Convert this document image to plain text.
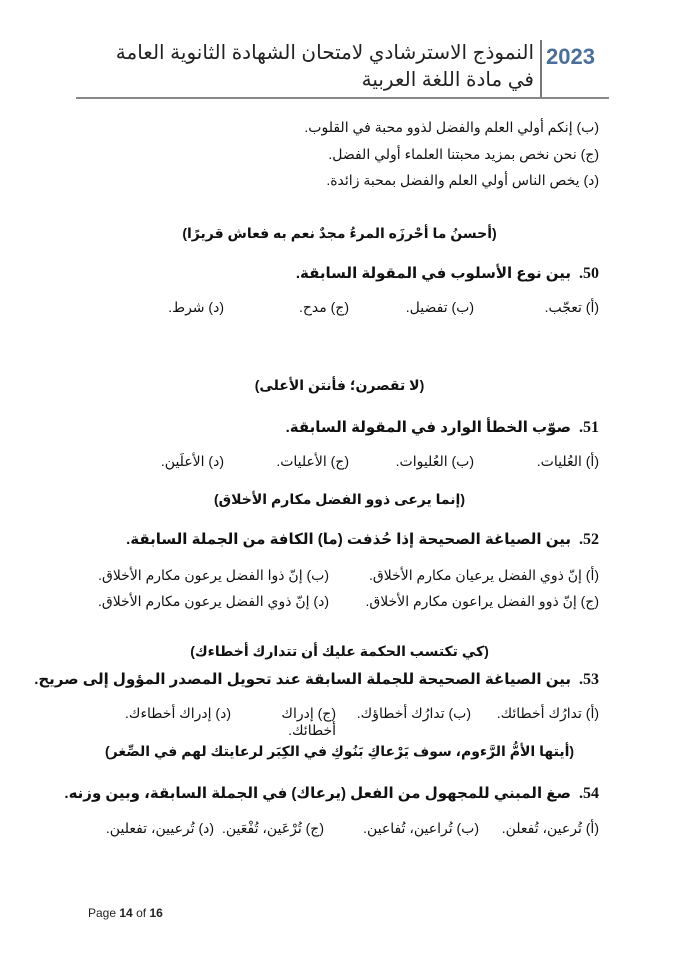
2023
النموذج الاسترشادي لامتحان الشهادة الثانوية العامة في مادة اللغة العربية
(ب) إنكم أولي العلم والفضل لذوو محبة في القلوب.
(ج) نحن نخص بمزيد محبتنا العلماء أولي الفضل.
(د) يخص الناس أولي العلم والفضل بمحبة زائدة.
(أحسنُ ما أحْرزَه المرءُ مجدٌ نعم به فعاش قريرًا)
50.بين نوع الأسلوب في المقولة السابقة.
(أ) تعجّب.
(ب) تفضيل.
(ج) مدح.
(د) شرط.
(لا تقصرن؛ فأنتن الأعلى)
51.صوّب الخطأ الوارد في المقولة السابقة.
(أ) العُليات.
(ب) العُليوات.
(ج) الأعليات.
(د) الأعلَين.
(إنما يرعى ذوو الفضل مكارم الأخلاق)
52.بين الصياغة الصحيحة إذا حُذفت (ما) الكافة من الجملة السابقة.
(أ) إنّ ذوي الفضل يرعيان مكارم الأخلاق.
(ب) إنّ ذوا الفضل يرعون مكارم الأخلاق.
(ج) إنّ ذوو الفضل يراعون مكارم الأخلاق.
(د) إنّ ذوي الفضل يرعون مكارم الأخلاق.
(كي تكتسب الحكمة عليك أن تتدارك أخطاءك)
53.بين الصياغة الصحيحة للجملة السابقة عند تحويل المصدر المؤول إلى صريح.
(أ) تدارُك أخطائك.
(ب) تدارُك أخطاؤك.
(ج) إدراك أخطائك.
(د) إدراك أخطاءك.
(أيتها الأمُّ الرَّءوم، سوف يَرْعاكِ بَنُوكِ في الكِبَر لرعايتك لهم في الصِّغر)
54.صغ المبني للمجهول من الفعل (يرعاك) في الجملة السابقة، وبين وزنه.
(أ) تُرعين، تُفعلن.
(ب) تُراعين، تُفاعين.
(ج) تُرْعَين، تُفْعَين.
(د) تُرعيين، تفعلين.
Page 14 of 16
